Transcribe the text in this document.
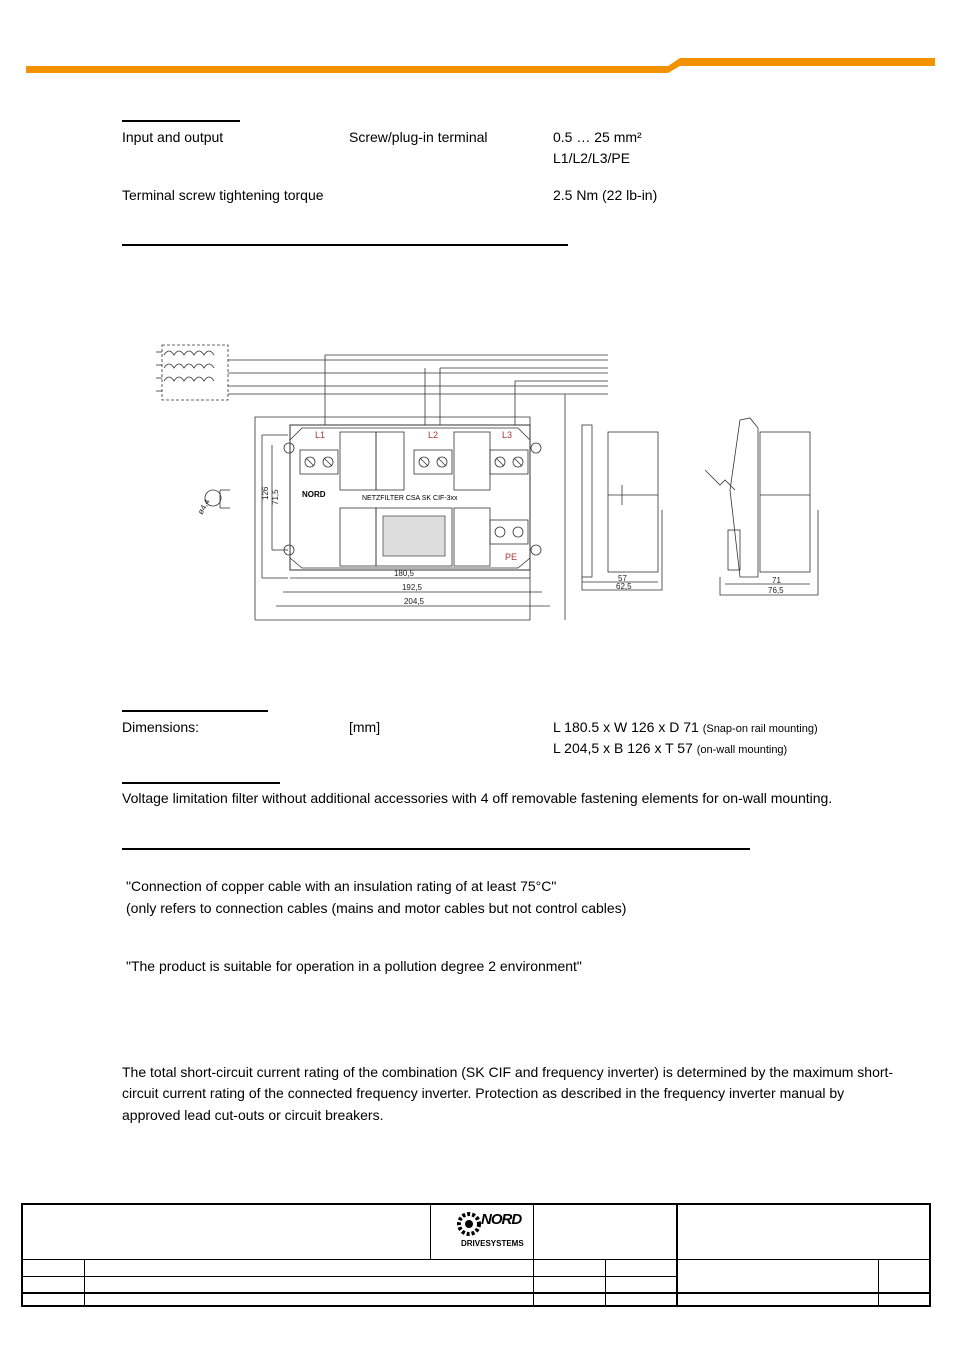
Input and output	Screw/plug-in terminal	0.5 … 25 mm²
L1/L2/L3/PE
Terminal screw tightening torque	2.5 Nm (22 lb-in)
L1	L2	L3
PE
NORD	NETZFILTER CSA SK CIF-3xx
180,5
192,5
204,5
126 71,5
ø4,4
57
62,5
71
76,5
Dimensions:	[mm]	L 180.5 x W 126 x D 71 (Snap-on rail mounting)
L 204,5 x B 126 x T 57 (on-wall mounting)
Voltage limitation filter without additional accessories with 4 off removable fastening elements for on-wall mounting.
"Connection of copper cable with an insulation rating of at least 75°C"
(only refers to connection cables (mains and motor cables but not control cables)
"The product is suitable for operation in a pollution degree 2 environment"
The total short-circuit current rating of the combination (SK CIF and frequency inverter) is determined by the maximum short-
circuit current rating of the connected frequency inverter. Protection as described in the frequency inverter manual by
approved lead cut-outs or circuit breakers.
NORD
DRIVESYSTEMS
